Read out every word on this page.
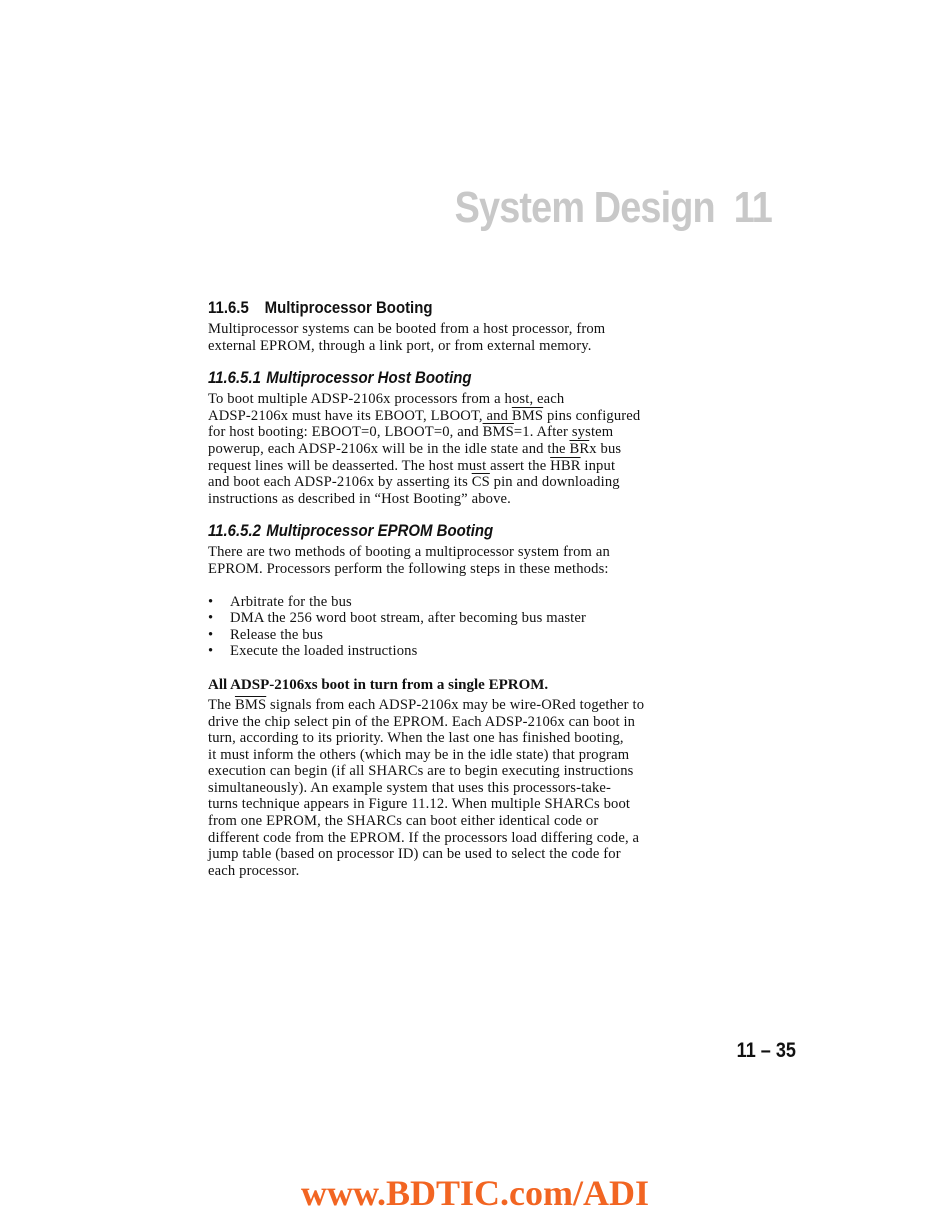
System Design 11
11.6.5 Multiprocessor Booting

Multiprocessor systems can be booted from a host processor, from
external EPROM, through a link port, or from external memory.

11.6.5.1 Multiprocessor Host Booting

To boot multiple ADSP-2106x processors from a host, each
ADSP-2106x must have its EBOOT, LBOOT, and $\overline{BMS}$ pins configured
for host booting: EBOOT=0, LBOOT=0, and $\overline{BMS}=1$. After system
powerup, each ADSP-2106x will be in the idle state and the $\overline{BR}x$ bus
request lines will be deasserted. The host must assert the $\overline{HBR}$ input
and boot each ADSP-2106x by asserting its $\overline{CS}$ pin and downloading
instructions as described in “Host Booting” above.

11.6.5.2 Multiprocessor EPROM Booting

There are two methods of booting a multiprocessor system from an
EPROM. Processors perform the following steps in these methods:

• Arbitrate for the bus
• DMA the 256 word boot stream, after becoming bus master
• Release the bus
• Execute the loaded instructions
All ADSP-2106xs boot in turn from a single EPROM.

The $\overline{BMS}$ signals from each ADSP-2106x may be wire-ORed together to
drive the chip select pin of the EPROM. Each ADSP-2106x can boot in
turn, according to its priority. When the last one has finished booting,
it must inform the others (which may be in the idle state) that program
execution can begin (if all SHARCs are to begin executing instructions
simultaneously). An example system that uses this processors-take-
turns technique appears in Figure 11.12. When multiple SHARCs boot
from one EPROM, the SHARCs can boot either identical code or
different code from the EPROM. If the processors load differing code, a
jump table (based on processor ID) can be used to select the code for
each processor.

11 – 35
www.BDTIC.com/ADI
